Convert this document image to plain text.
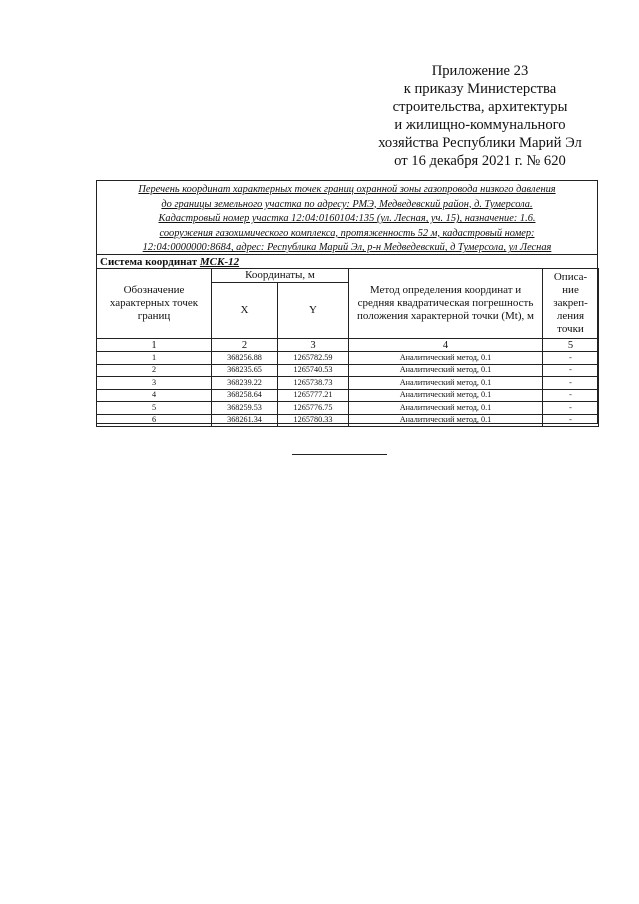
Приложение 23
к приказу Министерства
строительства, архитектуры
и жилищно-коммунального
хозяйства Республики Марий Эл
от 16 декабря 2021 г. № 620
Перечень координат характерных точек границ охранной зоны газопровода низкого давления
до границы земельного участка по адресу: РМЭ, Медведевский район, д. Тумерсола.
Кадастровый номер участка 12:04:0160104:135 (ул. Лесная, уч. 15), назначение: 1.6.
сооружения газохимического комплекса, протяженность 52 м, кадастровый номер:
12:04:0000000:8684, адрес: Республика Марий Эл, р-н Медведевский, д Тумерсола, ул Лесная
Система координат МСК-12
Обозначение характерных точек границ	Координаты, м		Метод определения координат и средняя квадратическая погрешность положения характерной точки (Mt), м	Описа-ние закреп-ления точки
	X	Y		
1	2	3	4	5
1	368256.88	1265782.59	Аналитический метод, 0.1	-
2	368235.65	1265740.53	Аналитический метод, 0.1	-
3	368239.22	1265738.73	Аналитический метод, 0.1	-
4	368258.64	1265777.21	Аналитический метод, 0.1	-
5	368259.53	1265776.75	Аналитический метод, 0.1	-
6	368261.34	1265780.33	Аналитический метод, 0.1	-
